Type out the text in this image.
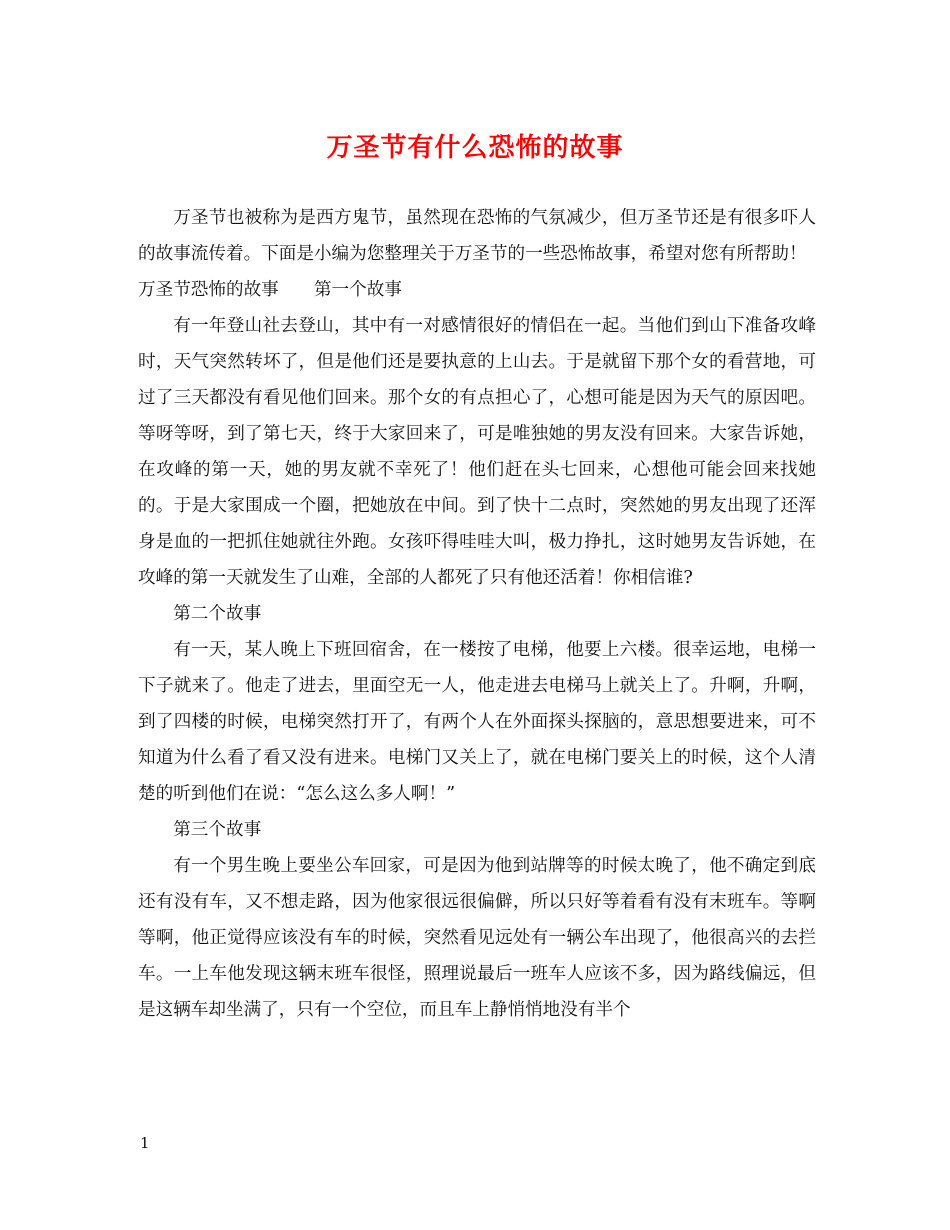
万圣节有什么恐怖的故事

万圣节也被称为是西方鬼节，虽然现在恐怖的气氛减少，但万圣节还是有很多吓人的故事流传着。下面是小编为您整理关于万圣节的一些恐怖故事，希望对您有所帮助！

万圣节恐怖的故事　　第一个故事

有一年登山社去登山，其中有一对感情很好的情侣在一起。当他们到山下准备攻峰时，天气突然转坏了，但是他们还是要执意的上山去。于是就留下那个女的看营地，可过了三天都没有看见他们回来。那个女的有点担心了，心想可能是因为天气的原因吧。等呀等呀，到了第七天，终于大家回来了，可是唯独她的男友没有回来。大家告诉她，在攻峰的第一天，她的男友就不幸死了！他们赶在头七回来，心想他可能会回来找她的。于是大家围成一个圈，把她放在中间。到了快十二点时，突然她的男友出现了还浑身是血的一把抓住她就往外跑。女孩吓得哇哇大叫，极力挣扎，这时她男友告诉她，在攻峰的第一天就发生了山难，全部的人都死了只有他还活着！你相信谁?

第二个故事

有一天，某人晚上下班回宿舍，在一楼按了电梯，他要上六楼。很幸运地，电梯一下子就来了。他走了进去，里面空无一人，他走进去电梯马上就关上了。升啊，升啊，到了四楼的时候，电梯突然打开了，有两个人在外面探头探脑的，意思想要进来，可不知道为什么看了看又没有进来。电梯门又关上了，就在电梯门要关上的时候，这个人清楚的听到他们在说：“怎么这么多人啊！”

第三个故事

有一个男生晚上要坐公车回家，可是因为他到站牌等的时候太晚了，他不确定到底还有没有车，又不想走路，因为他家很远很偏僻，所以只好等着看有没有末班车。等啊等啊，他正觉得应该没有车的时候，突然看见远处有一辆公车出现了，他很高兴的去拦车。一上车他发现这辆末班车很怪，照理说最后一班车人应该不多，因为路线偏远，但是这辆车却坐满了，只有一个空位，而且车上静悄悄地没有半个

1
